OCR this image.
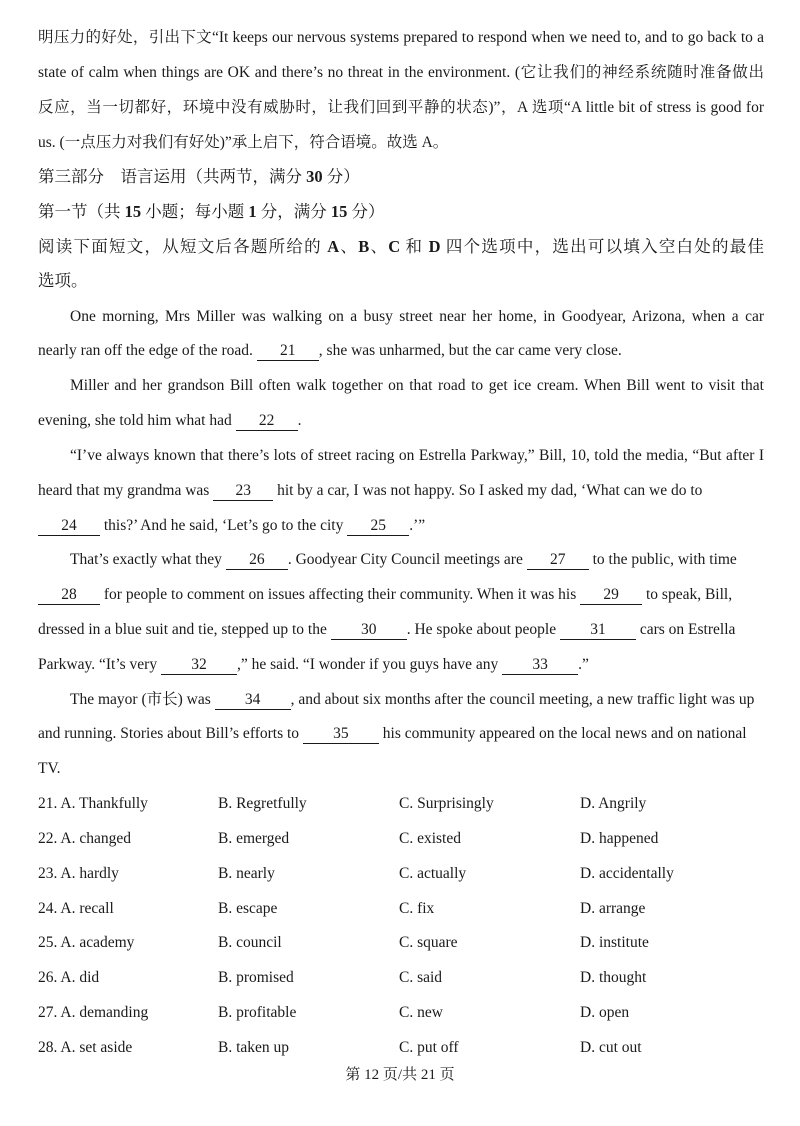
明压力的好处，引出下文“It keeps our nervous systems prepared to respond when we need to, and to go back to a
state of calm when things are OK and there’s no threat in the environment. (它让我们的神经系统随时准备做出
反应，当一切都好，环境中没有威胁时，让我们回到平静的状态)”，A 选项“A little bit of stress is good for
us. (一点压力对我们有好处)”承上启下，符合语境。故选 A。
第三部分　语言运用（共两节，满分 30 分）
第一节（共 15 小题；每小题 1 分，满分 15 分）
阅读下面短文，从短文后各题所给的 A、B、C 和 D 四个选项中，选出可以填入空白处的最佳
选项。
One morning, Mrs Miller was walking on a busy street near her home, in Goodyear, Arizona, when a car
nearly ran off the edge of the road. 21 , she was unharmed, but the car came very close.
Miller and her grandson Bill often walk together on that road to get ice cream. When Bill went to visit that
evening, she told him what had 22 .
“I’ve always known that there’s lots of street racing on Estrella Parkway,” Bill, 10, told the media, “But after I
heard that my grandma was 23 hit by a car, I was not happy. So I asked my dad, ‘What can we do to
24 this?’ And he said, ‘Let’s go to the city 25 .’”
That’s exactly what they 26 . Goodyear City Council meetings are 27 to the public, with time
28 for people to comment on issues affecting their community. When it was his 29 to speak, Bill,
dressed in a blue suit and tie, stepped up to the 30 . He spoke about people 31 cars on Estrella
Parkway. “It’s very 32 ,” he said. “I wonder if you guys have any 33 .”
The mayor (市长) was 34 , and about six months after the council meeting, a new traffic light was up
and running. Stories about Bill’s efforts to 35 his community appeared on the local news and on national
TV.
21. A. Thankfully	B. Regretfully	C. Surprisingly	D. Angrily
22. A. changed	B. emerged	C. existed	D. happened
23. A. hardly	B. nearly	C. actually	D. accidentally
24. A. recall	B. escape	C. fix	D. arrange
25. A. academy	B. council	C. square	D. institute
26. A. did	B. promised	C. said	D. thought
27. A. demanding	B. profitable	C. new	D. open
28. A. set aside	B. taken up	C. put off	D. cut out
第 12 页/共 21 页
